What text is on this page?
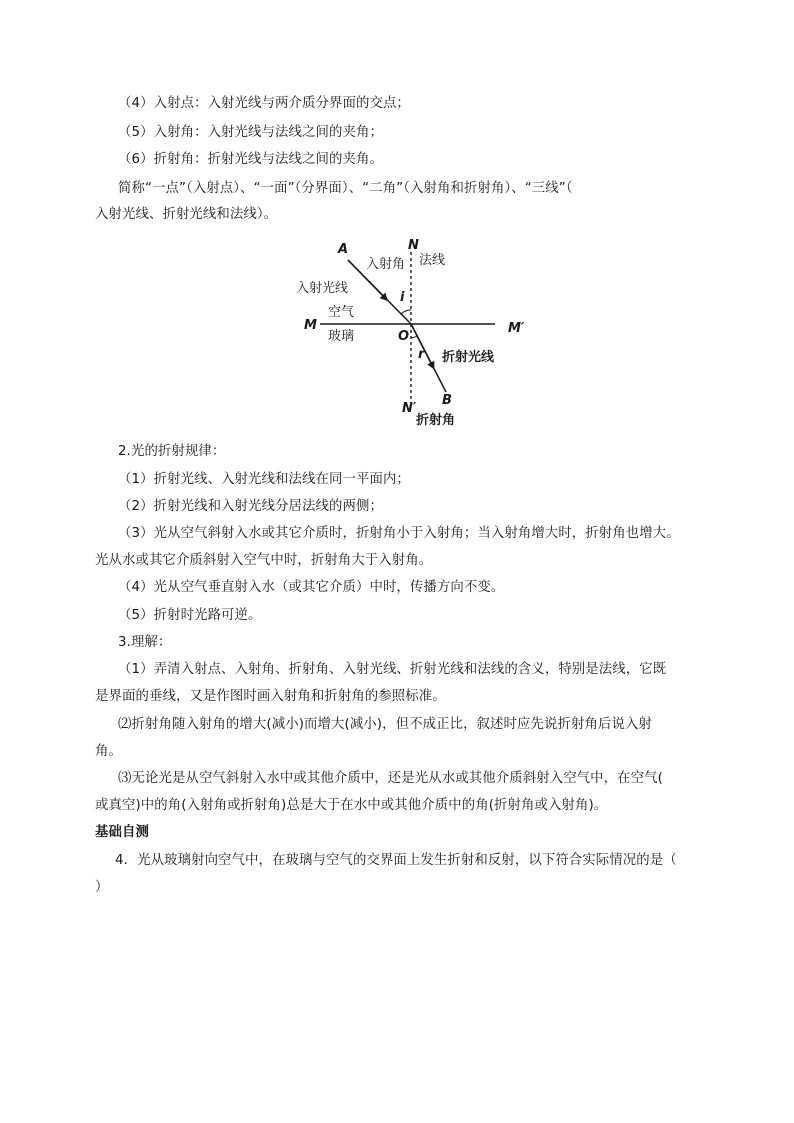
（4）入射点：入射光线与两介质分界面的交点；
（5）入射角：入射光线与法线之间的夹角；
（6）折射角：折射光线与法线之间的夹角。
简称“一点”（入射点）、“一面”（分界面）、“二角”（入射角和折射角）、“三线”（
入射光线、折射光线和法线）。
A	N
法线
入射角
入射光线
i
空气
M	M′
玻璃	O
r 折射光线
B
N′
折射角
2.光的折射规律：
（1）折射光线、入射光线和法线在同一平面内；
（2）折射光线和入射光线分居法线的两侧；
（3）光从空气斜射入水或其它介质时，折射角小于入射角；当入射角增大时，折射角也增大。
光从水或其它介质斜射入空气中时，折射角大于入射角。
（4）光从空气垂直射入水（或其它介质）中时，传播方向不变。
（5）折射时光路可逆。
3.理解：
（1）弄清入射点、入射角、折射角、入射光线、折射光线和法线的含义，特别是法线，它既
是界面的垂线，又是作图时画入射角和折射角的参照标准。
⑵折射角随入射角的增大(减小)而增大(减小)，但不成正比，叙述时应先说折射角后说入射
角。
⑶无论光是从空气斜射入水中或其他介质中，还是光从水或其他介质斜射入空气中，在空气(
或真空)中的角(入射角或折射角)总是大于在水中或其他介质中的角(折射角或入射角)。
基础自测
4．光从玻璃射向空气中，在玻璃与空气的交界面上发生折射和反射，以下符合实际情况的是（
）
